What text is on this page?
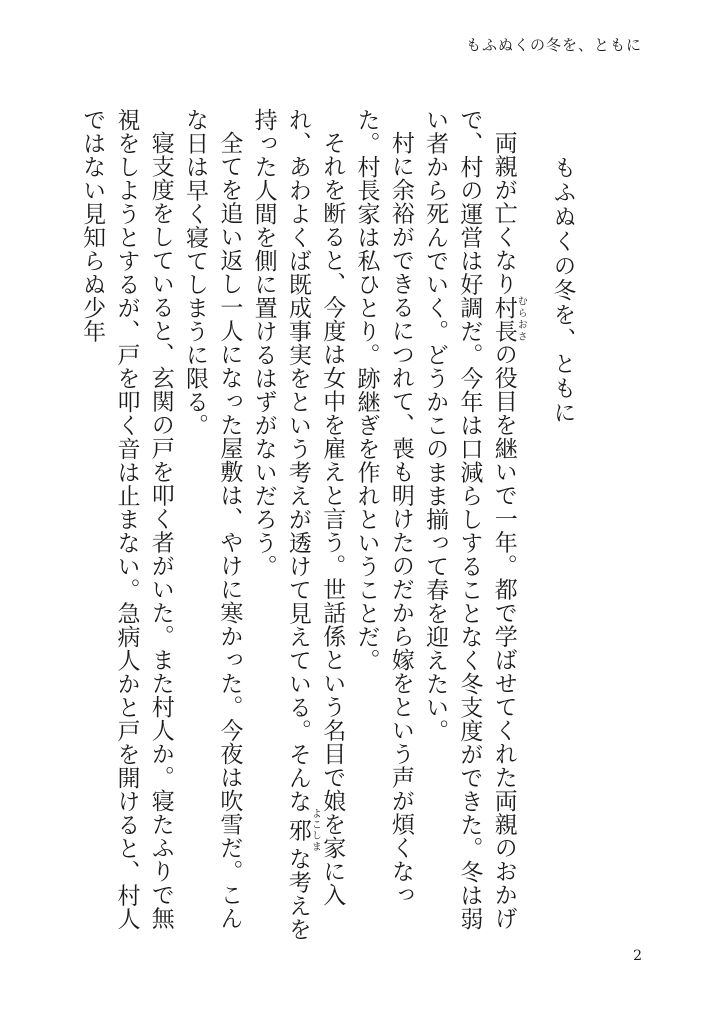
もふぬくの冬を、ともに
もふぬくの冬を、ともに

両親が亡くなり村長むらおさの役目を継いで一年。都で学ばせてくれた両親のおかげで、村の運営は好調だ。今年は口減らしすることなく冬支度ができた。冬は弱い者から死んでいく。どうかこのまま揃って春を迎えたい。

村に余裕ができるにつれて、喪も明けたのだから嫁をという声が煩くなった。村長家は私ひとり。跡継ぎを作れということだ。

それを断ると、今度は女中を雇えと言う。世話係という名目で娘を家に入れ、あわよくば既成事実をという考えが透けて見えている。そんな邪よこしまな考えを持った人間を側に置けるはずがないだろう。

全てを追い返し一人になった屋敷は、やけに寒かった。今夜は吹雪だ。こんな日は早く寝てしまうに限る。

寝支度をしていると、玄関の戸を叩く者がいた。また村人か。寝たふりで無視をしようとするが、戸を叩く音は止まない。急病人かと戸を開けると、村人ではない見知らぬ少年

2
